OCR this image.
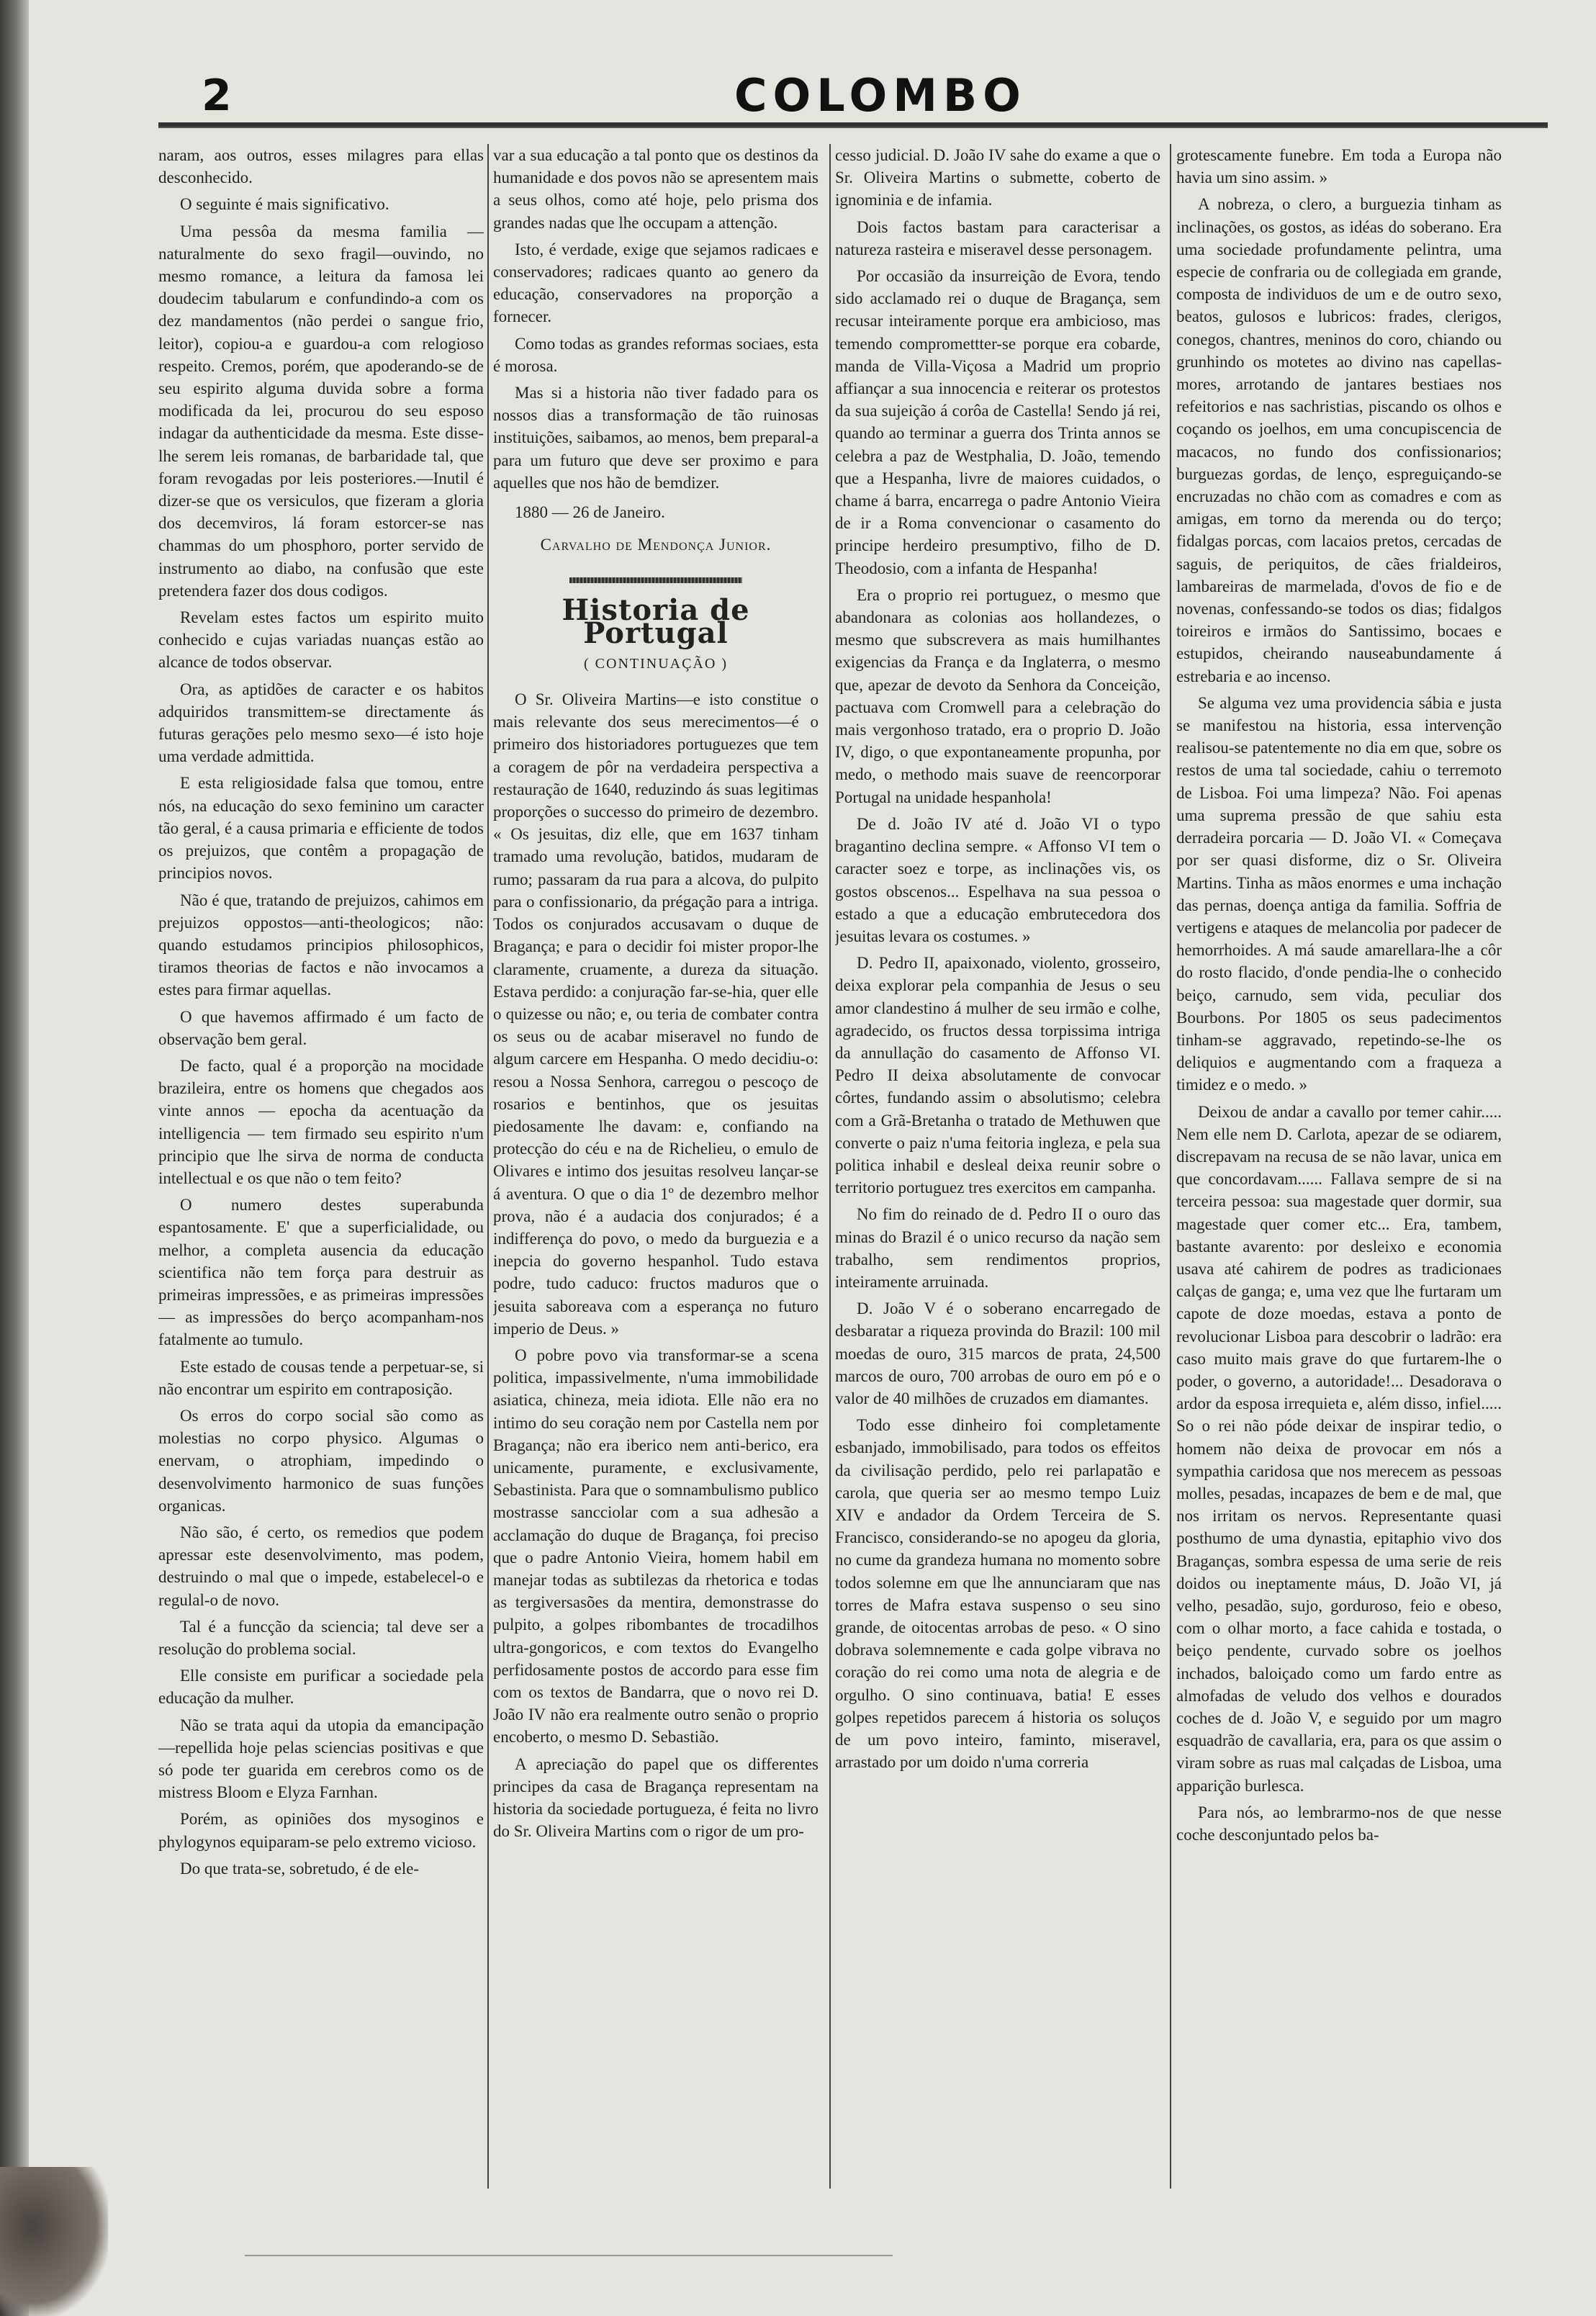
2	COLOMBO

naram, aos outros, esses milagres para ellas desconhecido.

O seguinte é mais significativo.

Uma pessôa da mesma familia — naturalmente do sexo fragil—ouvindo, no mesmo romance, a leitura da famosa lei doudecim tabularum e confundindo-a com os dez mandamentos (não perdei o sangue frio, leitor), copiou-a e guardou-a com relogioso respeito. Cremos, porém, que apoderando-se de seu espirito alguma duvida sobre a forma modificada da lei, procurou do seu esposo indagar da authenticidade da mesma. Este disse-lhe serem leis romanas, de barbaridade tal, que foram revogadas por leis posteriores.—Inutil é dizer-se que os versiculos, que fizeram a gloria dos decemviros, lá foram estorcer-se nas chammas do um phosphoro, porter servido de instrumento ao diabo, na confusão que este pretendera fazer dos dous codigos.

Revelam estes factos um espirito muito conhecido e cujas variadas nuanças estão ao alcance de todos observar.

Ora, as aptidões de caracter e os habitos adquiridos transmittem-se directamente ás futuras gerações pelo mesmo sexo—é isto hoje uma verdade admittida.

E esta religiosidade falsa que tomou, entre nós, na educação do sexo feminino um caracter tão geral, é a causa primaria e efficiente de todos os prejuizos, que contêm a propagação de principios novos.

Não é que, tratando de prejuizos, cahimos em prejuizos oppostos—anti-theologicos; não: quando estudamos principios philosophicos, tiramos theorias de factos e não invocamos a estes para firmar aquellas.

O que havemos affirmado é um facto de observação bem geral.

De facto, qual é a proporção na mocidade brazileira, entre os homens que chegados aos vinte annos — epocha da acentuação da intelligencia — tem firmado seu espirito n'um principio que lhe sirva de norma de conducta intellectual e os que não o tem feito?

O numero destes superabunda espantosamente. E' que a superficialidade, ou melhor, a completa ausencia da educação scientifica não tem força para destruir as primeiras impressões, e as primeiras impressões — as impressões do berço acompanham-nos fatalmente ao tumulo.

Este estado de cousas tende a perpetuar-se, si não encontrar um espirito em contraposição.

Os erros do corpo social são como as molestias no corpo physico. Algumas o enervam, o atrophiam, impedindo o desenvolvimento harmonico de suas funções organicas.

Não são, é certo, os remedios que podem apressar este desenvolvimento, mas podem, destruindo o mal que o impede, estabelecel-o e regulal-o de novo.

Tal é a funcção da sciencia; tal deve ser a resolução do problema social.

Elle consiste em purificar a sociedade pela educação da mulher.

Não se trata aqui da utopia da emancipação—repellida hoje pelas sciencias positivas e que só pode ter guarida em cerebros como os de mistress Bloom e Elyza Farnhan.

Porém, as opiniões dos mysoginos e phylogynos equiparam-se pelo extremo vicioso.

Do que trata-se, sobretudo, é de ele-

var a sua educação a tal ponto que os destinos da humanidade e dos povos não se apresentem mais a seus olhos, como até hoje, pelo prisma dos grandes nadas que lhe occupam a attenção.

Isto, é verdade, exige que sejamos radicaes e conservadores; radicaes quanto ao genero da educação, conservadores na proporção a fornecer.

Como todas as grandes reformas sociaes, esta é morosa.

Mas si a historia não tiver fadado para os nossos dias a transformação de tão ruinosas instituições, saibamos, ao menos, bem preparal-a para um futuro que deve ser proximo e para aquelles que nos hão de bemdizer.

1880 — 26 de Janeiro.

Carvalho de Mendonça Junior.

Historia de Portugal
( CONTINUAÇÃO )

O Sr. Oliveira Martins—e isto constitue o mais relevante dos seus merecimentos—é o primeiro dos historiadores portuguezes que tem a coragem de pôr na verdadeira perspectiva a restauração de 1640, reduzindo ás suas legitimas proporções o successo do primeiro de dezembro. « Os jesuitas, diz elle, que em 1637 tinham tramado uma revolução, batidos, mudaram de rumo; passaram da rua para a alcova, do pulpito para o confissionario, da prégação para a intriga. Todos os conjurados accusavam o duque de Bragança; e para o decidir foi mister propor-lhe claramente, cruamente, a dureza da situação. Estava perdido: a conjuração far-se-hia, quer elle o quizesse ou não; e, ou teria de combater contra os seus ou de acabar miseravel no fundo de algum carcere em Hespanha. O medo decidiu-o: resou a Nossa Senhora, carregou o pescoço de rosarios e bentinhos, que os jesuitas piedosamente lhe davam: e, confiando na protecção do céu e na de Richelieu, o emulo de Olivares e intimo dos jesuitas resolveu lançar-se á aventura. O que o dia 1º de dezembro melhor prova, não é a audacia dos conjurados; é a indifferença do povo, o medo da burguezia e a inepcia do governo hespanhol. Tudo estava podre, tudo caduco: fructos maduros que o jesuita saboreava com a esperança no futuro imperio de Deus. »

O pobre povo via transformar-se a scena politica, impassivelmente, n'uma immobilidade asiatica, chineza, meia idiota. Elle não era no intimo do seu coração nem por Castella nem por Bragança; não era iberico nem anti-berico, era unicamente, puramente, e exclusivamente, Sebastinista. Para que o somnambulismo publico mostrasse sancciolar com a sua adhesão a acclamação do duque de Bragança, foi preciso que o padre Antonio Vieira, homem habil em manejar todas as subtilezas da rhetorica e todas as tergiversasões da mentira, demonstrasse do pulpito, a golpes ribombantes de trocadilhos ultra-gongoricos, e com textos do Evangelho perfidosamente postos de accordo para esse fim com os textos de Bandarra, que o novo rei D. João IV não era realmente outro senão o proprio encoberto, o mesmo D. Sebastião.

A apreciação do papel que os differentes principes da casa de Bragança representam na historia da sociedade portugueza, é feita no livro do Sr. Oliveira Martins com o rigor de um pro-

cesso judicial. D. João IV sahe do exame a que o Sr. Oliveira Martins o submette, coberto de ignominia e de infamia.

Dois factos bastam para caracterisar a natureza rasteira e miseravel desse personagem.

Por occasião da insurreição de Evora, tendo sido acclamado rei o duque de Bragança, sem recusar inteiramente porque era ambicioso, mas temendo compromettter-se porque era cobarde, manda de Villa-Viçosa a Madrid um proprio affiançar a sua innocencia e reiterar os protestos da sua sujeição á corôa de Castella! Sendo já rei, quando ao terminar a guerra dos Trinta annos se celebra a paz de Westphalia, D. João, temendo que a Hespanha, livre de maiores cuidados, o chame á barra, encarrega o padre Antonio Vieira de ir a Roma convencionar o casamento do principe herdeiro presumptivo, filho de D. Theodosio, com a infanta de Hespanha!

Era o proprio rei portuguez, o mesmo que abandonara as colonias aos hollandezes, o mesmo que subscrevera as mais humilhantes exigencias da França e da Inglaterra, o mesmo que, apezar de devoto da Senhora da Conceição, pactuava com Cromwell para a celebração do mais vergonhoso tratado, era o proprio D. João IV, digo, o que expontaneamente propunha, por medo, o methodo mais suave de reencorporar Portugal na unidade hespanhola!

De d. João IV até d. João VI o typo bragantino declina sempre. « Affonso VI tem o caracter soez e torpe, as inclinações vis, os gostos obscenos... Espelhava na sua pessoa o estado a que a educação embrutecedora dos jesuitas levara os costumes. »

D. Pedro II, apaixonado, violento, grosseiro, deixa explorar pela companhia de Jesus o seu amor clandestino á mulher de seu irmão e colhe, agradecido, os fructos dessa torpissima intriga da annullação do casamento de Affonso VI. Pedro II deixa absolutamente de convocar côrtes, fundando assim o absolutismo; celebra com a Grã-Bretanha o tratado de Methuwen que converte o paiz n'uma feitoria ingleza, e pela sua politica inhabil e desleal deixa reunir sobre o territorio portuguez tres exercitos em campanha.

No fim do reinado de d. Pedro II o ouro das minas do Brazil é o unico recurso da nação sem trabalho, sem rendimentos proprios, inteiramente arruinada.

D. João V é o soberano encarregado de desbaratar a riqueza provinda do Brazil: 100 mil moedas de ouro, 315 marcos de prata, 24,500 marcos de ouro, 700 arrobas de ouro em pó e o valor de 40 milhões de cruzados em diamantes.

Todo esse dinheiro foi completamente esbanjado, immobilisado, para todos os effeitos da civilisação perdido, pelo rei parlapatão e carola, que queria ser ao mesmo tempo Luiz XIV e andador da Ordem Terceira de S. Francisco, considerando-se no apogeu da gloria, no cume da grandeza humana no momento sobre todos solemne em que lhe annunciaram que nas torres de Mafra estava suspenso o seu sino grande, de oitocentas arrobas de peso. « O sino dobrava solemnemente e cada golpe vibrava no coração do rei como uma nota de alegria e de orgulho. O sino continuava, batia! E esses golpes repetidos parecem á historia os soluços de um povo inteiro, faminto, miseravel, arrastado por um doido n'uma correria

grotescamente funebre. Em toda a Europa não havia um sino assim. »

A nobreza, o clero, a burguezia tinham as inclinações, os gostos, as idéas do soberano. Era uma sociedade profundamente pelintra, uma especie de confraria ou de collegiada em grande, composta de individuos de um e de outro sexo, beatos, gulosos e lubricos: frades, clerigos, conegos, chantres, meninos do coro, chiando ou grunhindo os motetes ao divino nas capellas-mores, arrotando de jantares bestiaes nos refeitorios e nas sachristias, piscando os olhos e coçando os joelhos, em uma concupiscencia de macacos, no fundo dos confissionarios; burguezas gordas, de lenço, espreguiçando-se encruzadas no chão com as comadres e com as amigas, em torno da merenda ou do terço; fidalgas porcas, com lacaios pretos, cercadas de saguis, de periquitos, de cães frialdeiros, lambareiras de marmelada, d'ovos de fio e de novenas, confessando-se todos os dias; fidalgos toireiros e irmãos do Santissimo, bocaes e estupidos, cheirando nauseabundamente á estrebaria e ao incenso.

Se alguma vez uma providencia sábia e justa se manifestou na historia, essa intervenção realisou-se patentemente no dia em que, sobre os restos de uma tal sociedade, cahiu o terremoto de Lisboa. Foi uma limpeza? Não. Foi apenas uma suprema pressão de que sahiu esta derradeira porcaria — D. João VI. « Começava por ser quasi disforme, diz o Sr. Oliveira Martins. Tinha as mãos enormes e uma inchação das pernas, doença antiga da familia. Soffria de vertigens e ataques de melancolia por padecer de hemorrhoides. A má saude amarellara-lhe a côr do rosto flacido, d'onde pendia-lhe o conhecido beiço, carnudo, sem vida, peculiar dos Bourbons. Por 1805 os seus padecimentos tinham-se aggravado, repetindo-se-lhe os deliquios e augmentando com a fraqueza a timidez e o medo. »

Deixou de andar a cavallo por temer cahir..... Nem elle nem D. Carlota, apezar de se odiarem, discrepavam na recusa de se não lavar, unica em que concordavam...... Fallava sempre de si na terceira pessoa: sua magestade quer dormir, sua magestade quer comer etc... Era, tambem, bastante avarento: por desleixo e economia usava até cahirem de podres as tradicionaes calças de ganga; e, uma vez que lhe furtaram um capote de doze moedas, estava a ponto de revolucionar Lisboa para descobrir o ladrão: era caso muito mais grave do que furtarem-lhe o poder, o governo, a autoridade!... Desadorava o ardor da esposa irrequieta e, além disso, infiel..... So o rei não póde deixar de inspirar tedio, o homem não deixa de provocar em nós a sympathia caridosa que nos merecem as pessoas molles, pesadas, incapazes de bem e de mal, que nos irritam os nervos. Representante quasi posthumo de uma dynastia, epitaphio vivo dos Braganças, sombra espessa de uma serie de reis doidos ou ineptamente máus, D. João VI, já velho, pesadão, sujo, gorduroso, feio e obeso, com o olhar morto, a face cahida e tostada, o beiço pendente, curvado sobre os joelhos inchados, baloiçado como um fardo entre as almofadas de veludo dos velhos e dourados coches de d. João V, e seguido por um magro esquadrão de cavallaria, era, para os que assim o viram sobre as ruas mal calçadas de Lisboa, uma apparição burlesca.

Para nós, ao lembrarmo-nos de que nesse coche desconjuntado pelos ba-
